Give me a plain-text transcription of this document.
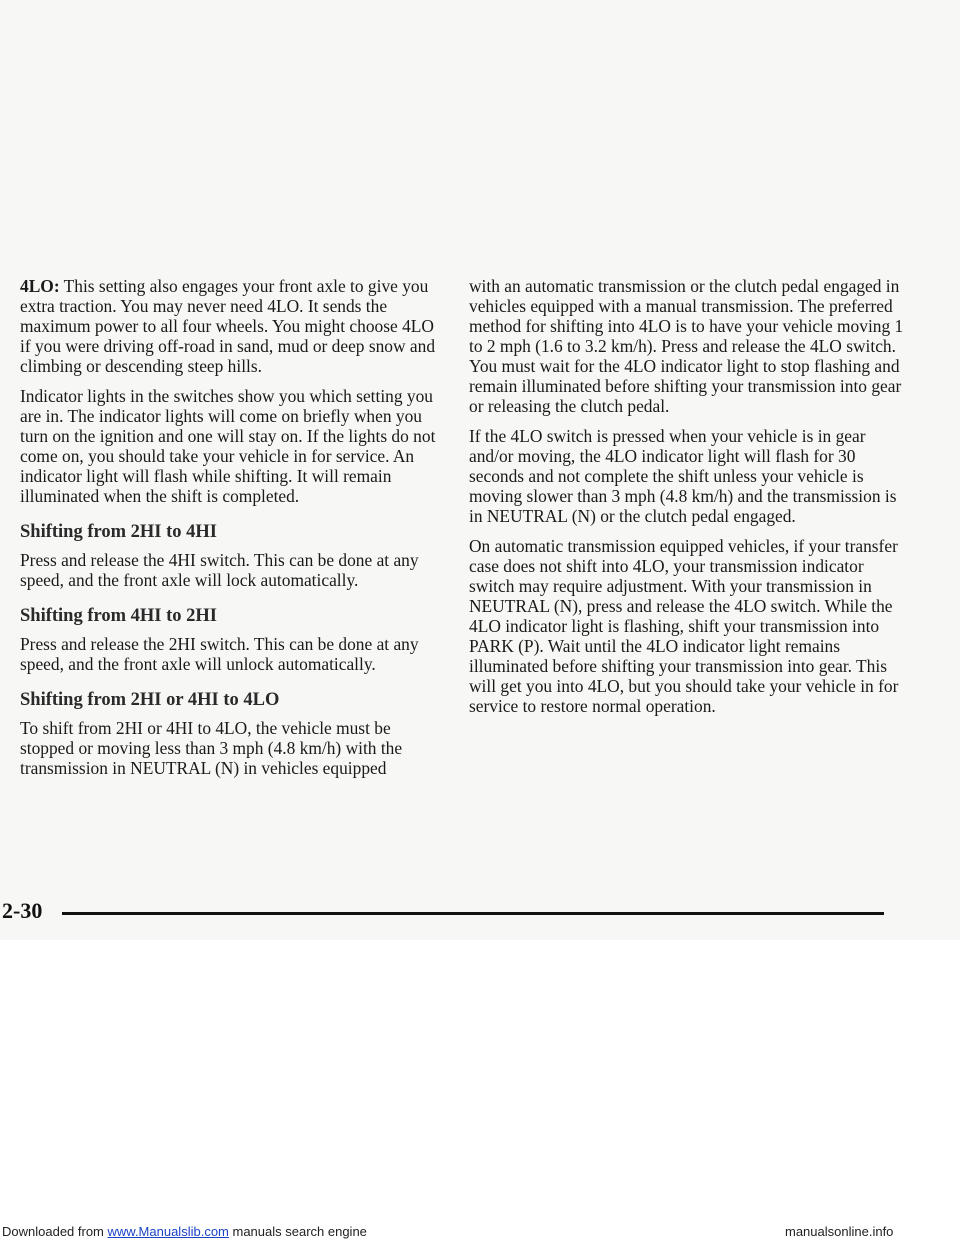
4LO: This setting also engages your front axle to give you extra traction. You may never need 4LO. It sends the maximum power to all four wheels. You might choose 4LO if you were driving off-road in sand, mud or deep snow and climbing or descending steep hills.

Indicator lights in the switches show you which setting you are in. The indicator lights will come on briefly when you turn on the ignition and one will stay on. If the lights do not come on, you should take your vehicle in for service. An indicator light will flash while shifting. It will remain illuminated when the shift is completed.

Shifting from 2HI to 4HI

Press and release the 4HI switch. This can be done at any speed, and the front axle will lock automatically.

Shifting from 4HI to 2HI

Press and release the 2HI switch. This can be done at any speed, and the front axle will unlock automatically.

Shifting from 2HI or 4HI to 4LO

To shift from 2HI or 4HI to 4LO, the vehicle must be stopped or moving less than 3 mph (4.8 km/h) with the transmission in NEUTRAL (N) in vehicles equipped

with an automatic transmission or the clutch pedal engaged in vehicles equipped with a manual transmission. The preferred method for shifting into 4LO is to have your vehicle moving 1 to 2 mph (1.6 to 3.2 km/h). Press and release the 4LO switch. You must wait for the 4LO indicator light to stop flashing and remain illuminated before shifting your transmission into gear or releasing the clutch pedal.

If the 4LO switch is pressed when your vehicle is in gear and/or moving, the 4LO indicator light will flash for 30 seconds and not complete the shift unless your vehicle is moving slower than 3 mph (4.8 km/h) and the transmission is in NEUTRAL (N) or the clutch pedal engaged.

On automatic transmission equipped vehicles, if your transfer case does not shift into 4LO, your transmission indicator switch may require adjustment. With your transmission in NEUTRAL (N), press and release the 4LO switch. While the 4LO indicator light is flashing, shift your transmission into PARK (P). Wait until the 4LO indicator light remains illuminated before shifting your transmission into gear. This will get you into 4LO, but you should take your vehicle in for service to restore normal operation.

2-30
Downloaded from www.Manualslib.com manuals search engine	manualsonline.info
